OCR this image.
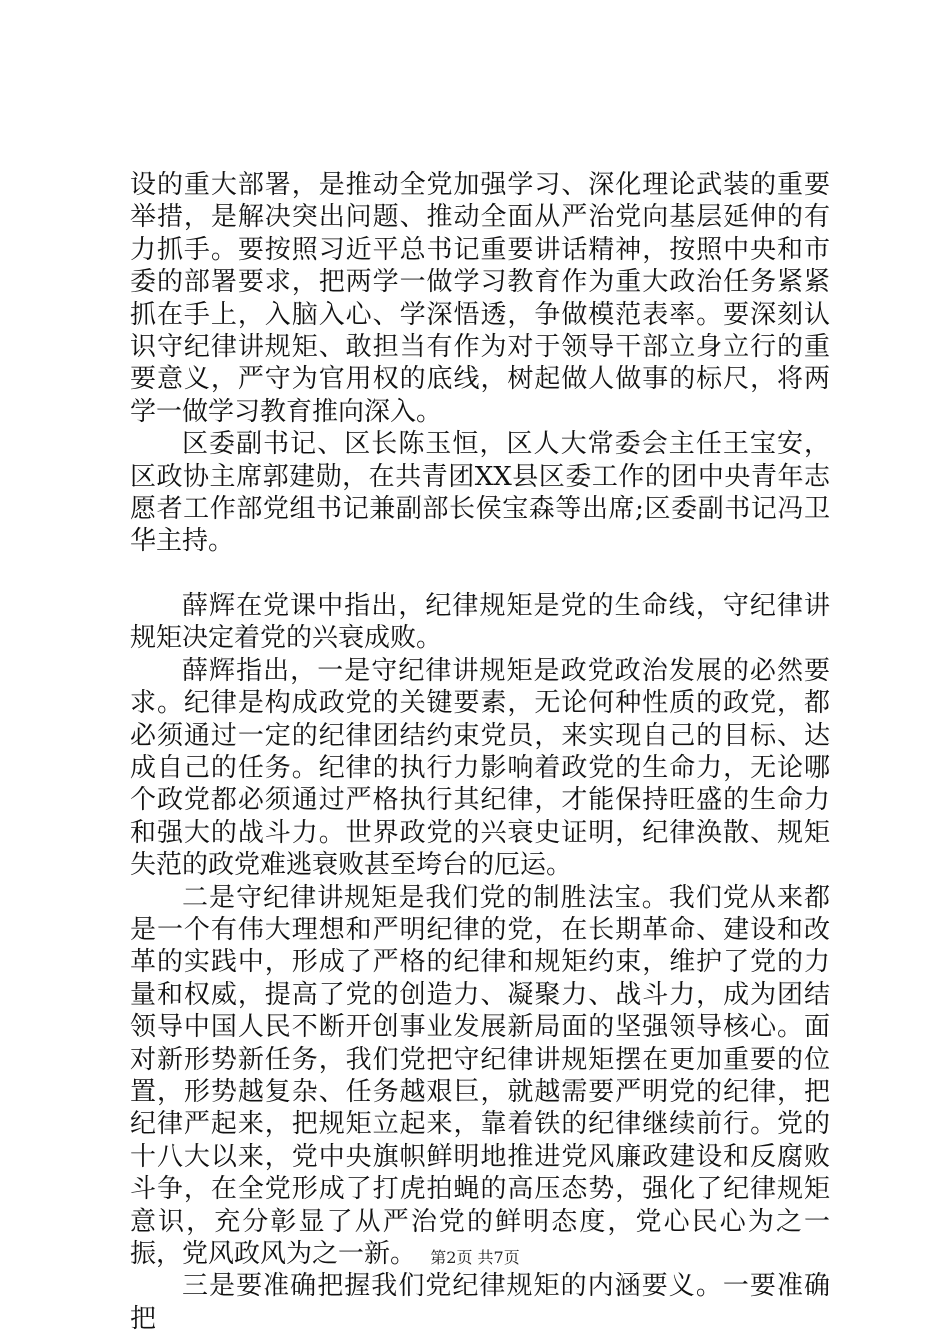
设的重大部署，是推动全党加强学习、深化理论武装的重要举措，是解决突出问题、推动全面从严治党向基层延伸的有力抓手。要按照习近平总书记重要讲话精神，按照中央和市委的部署要求，把两学一做学习教育作为重大政治任务紧紧抓在手上，入脑入心、学深悟透，争做模范表率。要深刻认识守纪律讲规矩、敢担当有作为对于领导干部立身立行的重要意义，严守为官用权的底线，树起做人做事的标尺，将两学一做学习教育推向深入。

区委副书记、区长陈玉恒，区人大常委会主任王宝安，区政协主席郭建勋，在共青团XX县区委工作的团中央青年志愿者工作部党组书记兼副部长侯宝森等出席;区委副书记冯卫华主持。

薛辉在党课中指出，纪律规矩是党的生命线，守纪律讲规矩决定着党的兴衰成败。

薛辉指出，一是守纪律讲规矩是政党政治发展的必然要求。纪律是构成政党的关键要素，无论何种性质的政党，都必须通过一定的纪律团结约束党员，来实现自己的目标、达成自己的任务。纪律的执行力影响着政党的生命力，无论哪个政党都必须通过严格执行其纪律，才能保持旺盛的生命力和强大的战斗力。世界政党的兴衰史证明，纪律涣散、规矩失范的政党难逃衰败甚至垮台的厄运。

二是守纪律讲规矩是我们党的制胜法宝。我们党从来都是一个有伟大理想和严明纪律的党，在长期革命、建设和改革的实践中，形成了严格的纪律和规矩约束，维护了党的力量和权威，提高了党的创造力、凝聚力、战斗力，成为团结领导中国人民不断开创事业发展新局面的坚强领导核心。面对新形势新任务，我们党把守纪律讲规矩摆在更加重要的位置，形势越复杂、任务越艰巨，就越需要严明党的纪律，把纪律严起来，把规矩立起来，靠着铁的纪律继续前行。党的十八大以来，党中央旗帜鲜明地推进党风廉政建设和反腐败斗争，在全党形成了打虎拍蝇的高压态势，强化了纪律规矩意识，充分彰显了从严治党的鲜明态度，党心民心为之一振，党风政风为之一新。

三是要准确把握我们党纪律规矩的内涵要义。一要准确把

第2页 共7页
